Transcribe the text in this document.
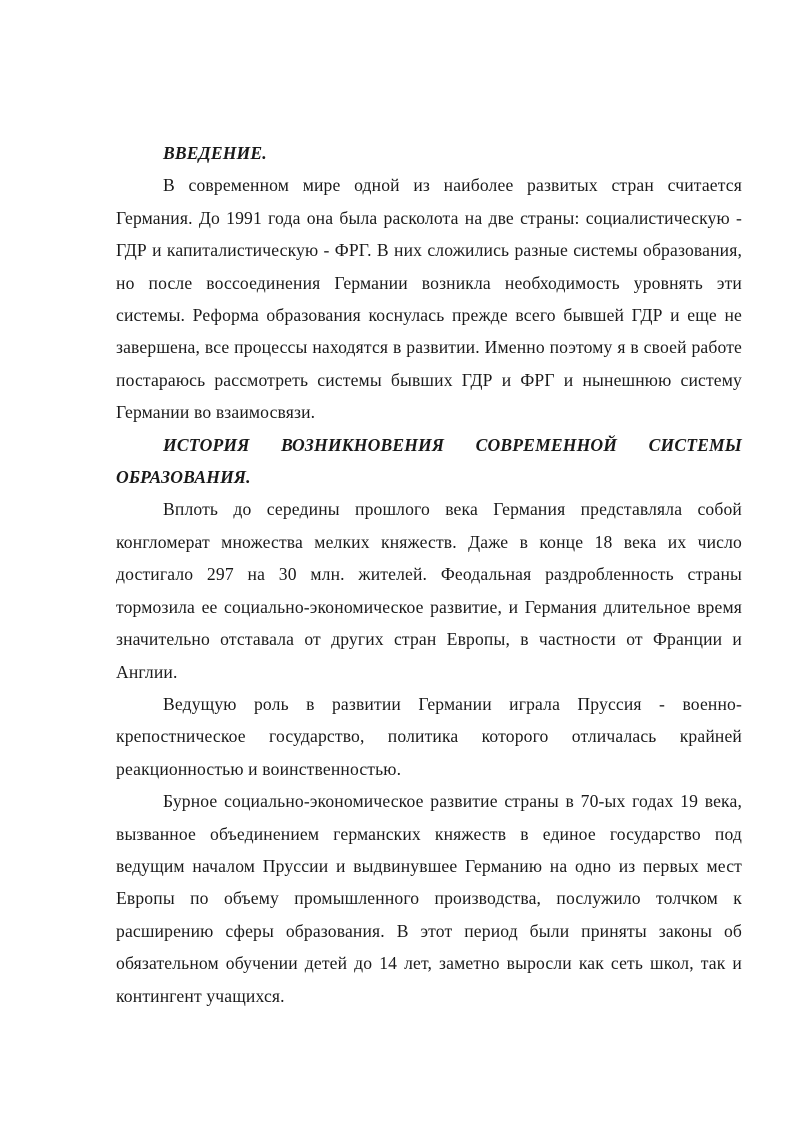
ВВЕДЕНИЕ.

В современном мире одной из наиболее развитых стран считается Германия. До 1991 года она была расколота на две страны: социалистическую - ГДР и капиталистическую - ФРГ. В них сложились разные системы образования, но после воссоединения Германии возникла необходимость уровнять эти системы. Реформа образования коснулась прежде всего бывшей ГДР и еще не завершена, все процессы находятся в развитии. Именно поэтому я в своей работе постараюсь рассмотреть системы бывших ГДР и ФРГ и нынешнюю систему Германии во взаимосвязи.

ИСТОРИЯ ВОЗНИКНОВЕНИЯ СОВРЕМЕННОЙ СИСТЕМЫ ОБРАЗОВАНИЯ.

Вплоть до середины прошлого века Германия представляла собой конгломерат множества мелких княжеств. Даже в конце 18 века их число достигало 297 на 30 млн. жителей. Феодальная раздробленность страны тормозила ее социально-экономическое развитие, и Германия длительное время значительно отставала от других стран Европы, в частности от Франции и Англии.

Ведущую роль в развитии Германии играла Пруссия - военно-крепостническое государство, политика которого отличалась крайней реакционностью и воинственностью.

Бурное социально-экономическое развитие страны в 70-ых годах 19 века, вызванное объединением германских княжеств в единое государство под ведущим началом Пруссии и выдвинувшее Германию на одно из первых мест Европы по объему промышленного производства, послужило толчком к расширению сферы образования. В этот период были приняты законы об обязательном обучении детей до 14 лет, заметно выросли как сеть школ, так и контингент учащихся.
